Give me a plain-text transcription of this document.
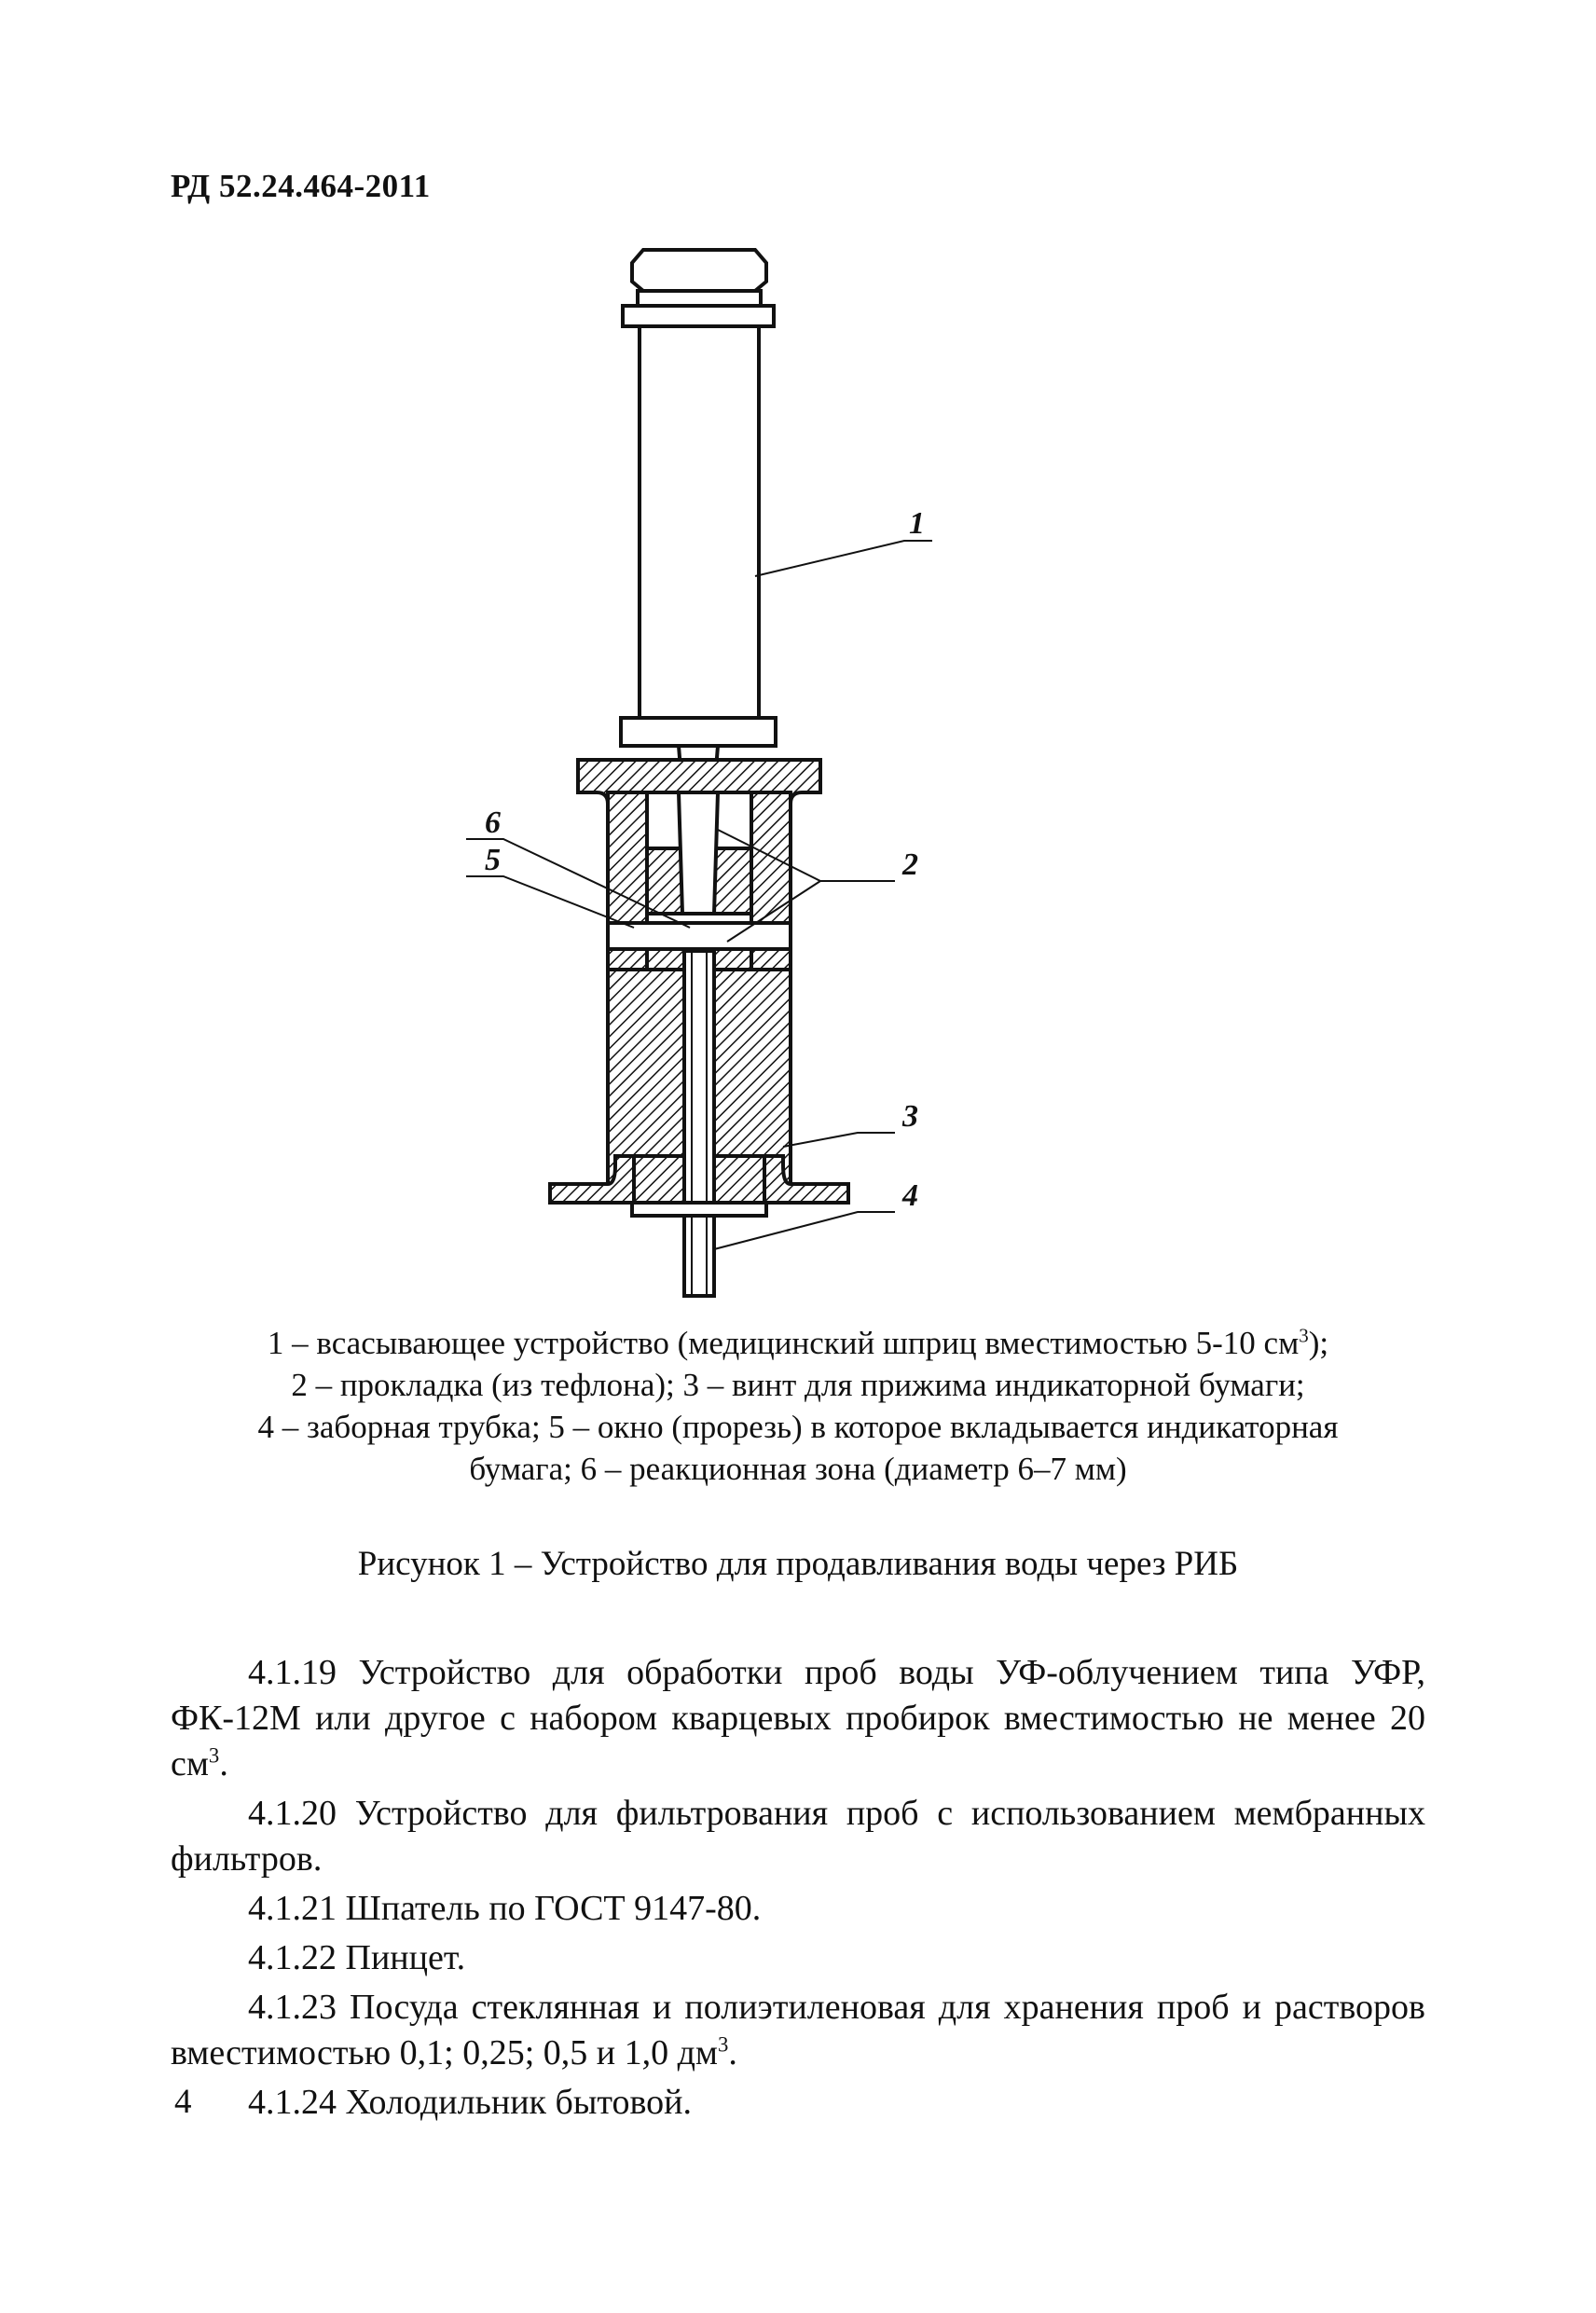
РД 52.24.464-2011
1
2
3
4
5
6
1 – всасывающее устройство (медицинский шприц вместимостью 5-10 $см^3$);
2 – прокладка (из тефлона); 3 – винт для прижима индикаторной бумаги;
4 – заборная трубка; 5 – окно (прорезь) в которое вкладывается индикаторная
бумага; 6 – реакционная зона (диаметр 6–7 мм)
Рисунок 1 – Устройство для продавливания воды через РИБ

4.1.19 Устройство для обработки проб воды УФ-облучением типа УФР, ФК-12М или другое с набором кварцевых пробирок вместимостью не менее 20 $см^3$.

4.1.20 Устройство для фильтрования проб с использованием мембранных фильтров.

4.1.21 Шпатель по ГОСТ 9147-80.

4.1.22 Пинцет.

4.1.23 Посуда стеклянная и полиэтиленовая для хранения проб и растворов вместимостью 0,1; 0,25; 0,5 и 1,0 $дм^3$.

4.1.24 Холодильник бытовой.

4
